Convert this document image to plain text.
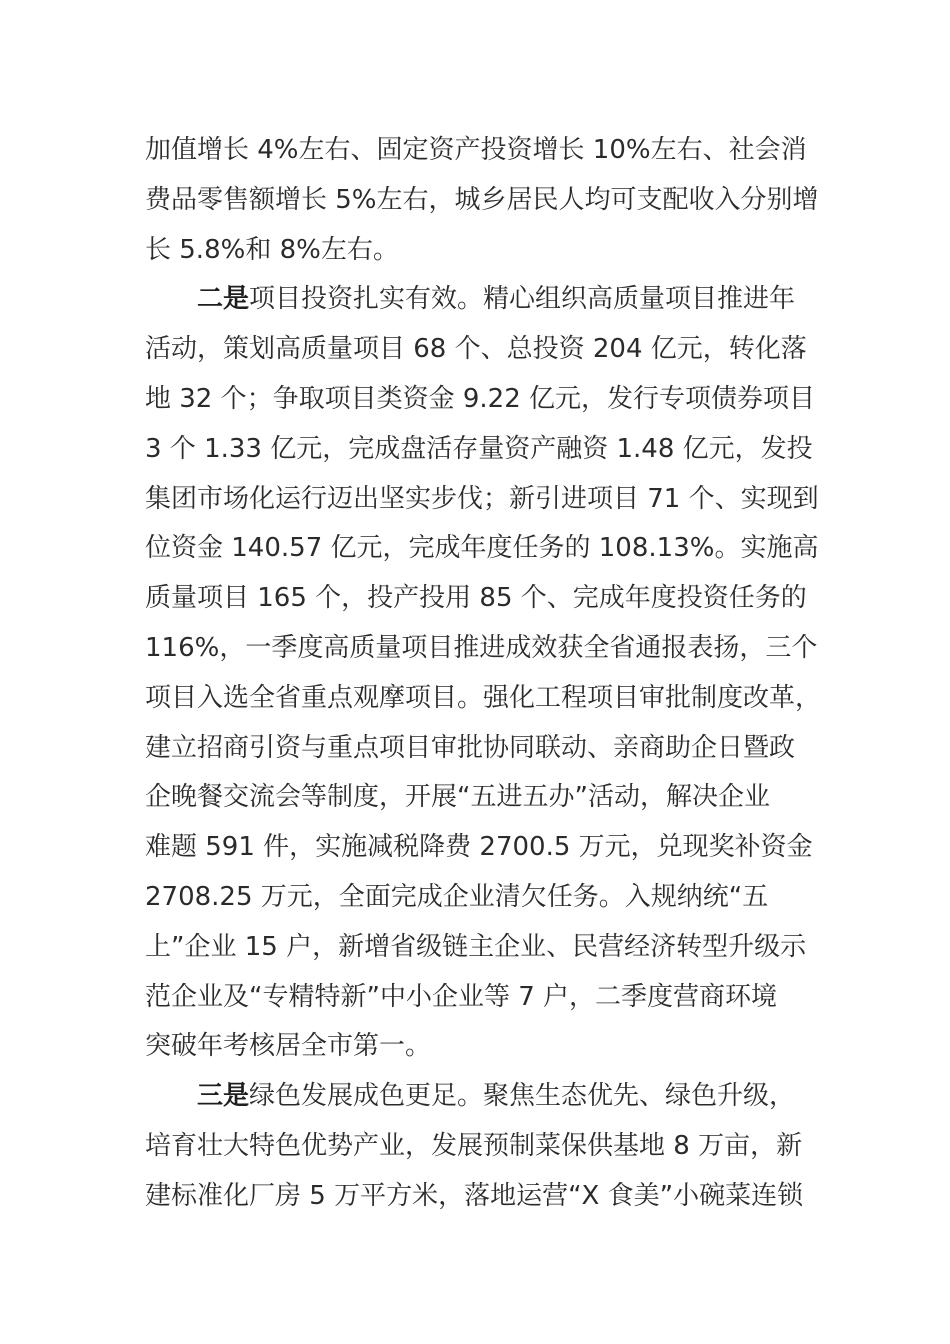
加值增长 4%左右、固定资产投资增长 10%左右、社会消
费品零售额增长 5%左右，城乡居民人均可支配收入分别增
长 5.8%和 8%左右。
二是项目投资扎实有效。精心组织高质量项目推进年
活动，策划高质量项目 68 个、总投资 204 亿元，转化落
地 32 个；争取项目类资金 9.22 亿元，发行专项债券项目
3 个 1.33 亿元，完成盘活存量资产融资 1.48 亿元，发投
集团市场化运行迈出坚实步伐；新引进项目 71 个、实现到
位资金 140.57 亿元，完成年度任务的 108.13%。实施高
质量项目 165 个，投产投用 85 个、完成年度投资任务的
116%，一季度高质量项目推进成效获全省通报表扬，三个
项目入选全省重点观摩项目。强化工程项目审批制度改革，
建立招商引资与重点项目审批协同联动、亲商助企日暨政
企晚餐交流会等制度，开展“五进五办”活动，解决企业
难题 591 件，实施减税降费 2700.5 万元，兑现奖补资金
2708.25 万元，全面完成企业清欠任务。入规纳统“五
上”企业 15 户，新增省级链主企业、民营经济转型升级示
范企业及“专精特新”中小企业等 7 户，二季度营商环境
突破年考核居全市第一。
三是绿色发展成色更足。聚焦生态优先、绿色升级，
培育壮大特色优势产业，发展预制菜保供基地 8 万亩，新
建标准化厂房 5 万平方米，落地运营“X 食美”小碗菜连锁
